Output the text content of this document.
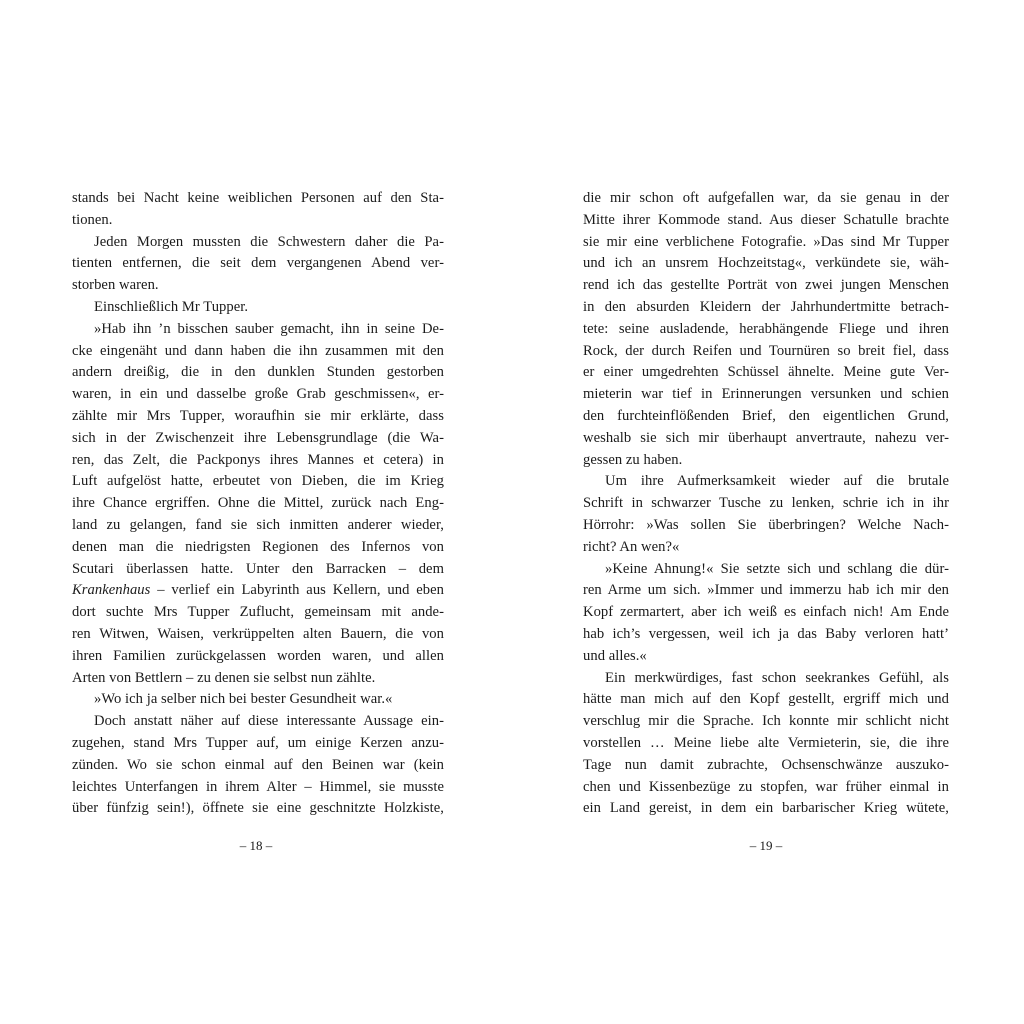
stands bei Nacht keine weiblichen Personen auf den Sta-
tionen.
Jeden Morgen mussten die Schwestern daher die Pa-
tienten entfernen, die seit dem vergangenen Abend ver-
storben waren.
Einschließlich Mr Tupper.
»Hab ihn ’n bisschen sauber gemacht, ihn in seine De-
cke eingenäht und dann haben die ihn zusammen mit den
andern dreißig, die in den dunklen Stunden gestorben
waren, in ein und dasselbe große Grab geschmissen«, er-
zählte mir Mrs Tupper, woraufhin sie mir erklärte, dass
sich in der Zwischenzeit ihre Lebensgrundlage (die Wa-
ren, das Zelt, die Packponys ihres Mannes et cetera) in
Luft aufgelöst hatte, erbeutet von Dieben, die im Krieg
ihre Chance ergriffen. Ohne die Mittel, zurück nach Eng-
land zu gelangen, fand sie sich inmitten anderer wieder,
denen man die niedrigsten Regionen des Infernos von
Scutari überlassen hatte. Unter den Barracken – dem
Krankenhaus – verlief ein Labyrinth aus Kellern, und eben
dort suchte Mrs Tupper Zuflucht, gemeinsam mit ande-
ren Witwen, Waisen, verkrüppelten alten Bauern, die von
ihren Familien zurückgelassen worden waren, und allen
Arten von Bettlern – zu denen sie selbst nun zählte.
»Wo ich ja selber nich bei bester Gesundheit war.«
Doch anstatt näher auf diese interessante Aussage ein-
zugehen, stand Mrs Tupper auf, um einige Kerzen anzu-
zünden. Wo sie schon einmal auf den Beinen war (kein
leichtes Unterfangen in ihrem Alter – Himmel, sie musste
über fünfzig sein!), öffnete sie eine geschnitzte Holzkiste,
die mir schon oft aufgefallen war, da sie genau in der
Mitte ihrer Kommode stand. Aus dieser Schatulle brachte
sie mir eine verblichene Fotografie. »Das sind Mr Tupper
und ich an unsrem Hochzeitstag«, verkündete sie, wäh-
rend ich das gestellte Porträt von zwei jungen Menschen
in den absurden Kleidern der Jahrhundertmitte betrach-
tete: seine ausladende, herabhängende Fliege und ihren
Rock, der durch Reifen und Tournüren so breit fiel, dass
er einer umgedrehten Schüssel ähnelte. Meine gute Ver-
mieterin war tief in Erinnerungen versunken und schien
den furchteinflößenden Brief, den eigentlichen Grund,
weshalb sie sich mir überhaupt anvertraute, nahezu ver-
gessen zu haben.
Um ihre Aufmerksamkeit wieder auf die brutale
Schrift in schwarzer Tusche zu lenken, schrie ich in ihr
Hörrohr: »Was sollen Sie überbringen? Welche Nach-
richt? An wen?«
»Keine Ahnung!« Sie setzte sich und schlang die dür-
ren Arme um sich. »Immer und immerzu hab ich mir den
Kopf zermartert, aber ich weiß es einfach nich! Am Ende
hab ich’s vergessen, weil ich ja das Baby verloren hatt’
und alles.«
Ein merkwürdiges, fast schon seekrankes Gefühl, als
hätte man mich auf den Kopf gestellt, ergriff mich und
verschlug mir die Sprache. Ich konnte mir schlicht nicht
vorstellen … Meine liebe alte Vermieterin, sie, die ihre
Tage nun damit zubrachte, Ochsenschwänze auszuko-
chen und Kissenbezüge zu stopfen, war früher einmal in
ein Land gereist, in dem ein barbarischer Krieg wütete,
– 18 –	– 19 –
